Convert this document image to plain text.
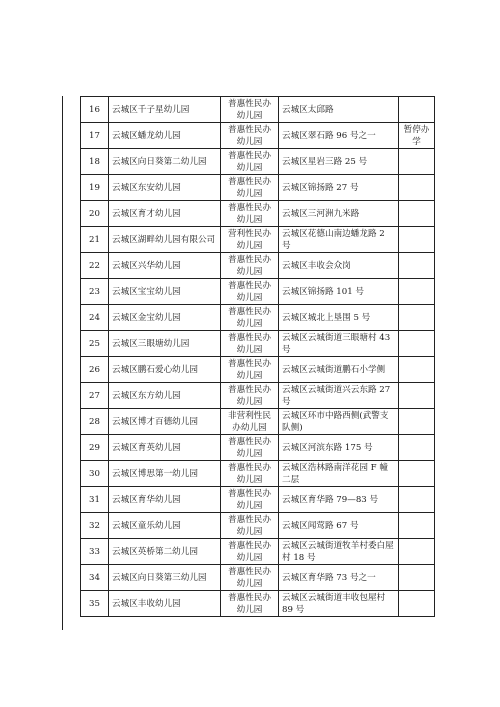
	16	云城区千子星幼儿园	普惠性民办幼儿园	云城区太邱路	
	17	云城区蟠龙幼儿园	普惠性民办幼儿园	云城区翠石路 96 号之一	暂停办学
	18	云城区向日葵第二幼儿园	普惠性民办幼儿园	云城区星岩三路 25 号	
	19	云城区东安幼儿园	普惠性民办幼儿园	云城区锦扬路 27 号	
	20	云城区育才幼儿园	普惠性民办幼儿园	云城区三河洲九米路	
	21	云城区湖畔幼儿园有限公司	营利性民办幼儿园	云城区花德山南边蟠龙路 2 号	
	22	云城区兴华幼儿园	普惠性民办幼儿园	云城区丰收会众岗	
	23	云城区宝宝幼儿园	普惠性民办幼儿园	云城区锦扬路 101 号	
	24	云城区金宝幼儿园	普惠性民办幼儿园	云城区城北上垦围 5 号	
	25	云城区三眼塘幼儿园	普惠性民办幼儿园	云城区云城街道三眼塘村 43 号	
	26	云城区鹏石爱心幼儿园	普惠性民办幼儿园	云城区云城街道鹏石小学侧	
	27	云城区东方幼儿园	普惠性民办幼儿园	云城区云城街道兴云东路 27 号	
	28	云城区博才百德幼儿园	非营利性民办幼儿园	云城区环市中路西侧(武警支队侧)	
	29	云城区育英幼儿园	普惠性民办幼儿园	云城区河滨东路 175 号	
	30	云城区博思第一幼儿园	普惠性民办幼儿园	云城区浩林路南洋花园 F 幢二层	
	31	云城区育华幼儿园	普惠性民办幼儿园	云城区育华路 79—83 号	
	32	云城区童乐幼儿园	普惠性民办幼儿园	云城区闻莺路 67 号	
	33	云城区英桥第二幼儿园	普惠性民办幼儿园	云城区云城街道牧羊村委白屋村 18 号	
	34	云城区向日葵第三幼儿园	普惠性民办幼儿园	云城区育华路 73 号之一	
	35	云城区丰收幼儿园	普惠性民办幼儿园	云城区云城街道丰收包屋村 89 号	
